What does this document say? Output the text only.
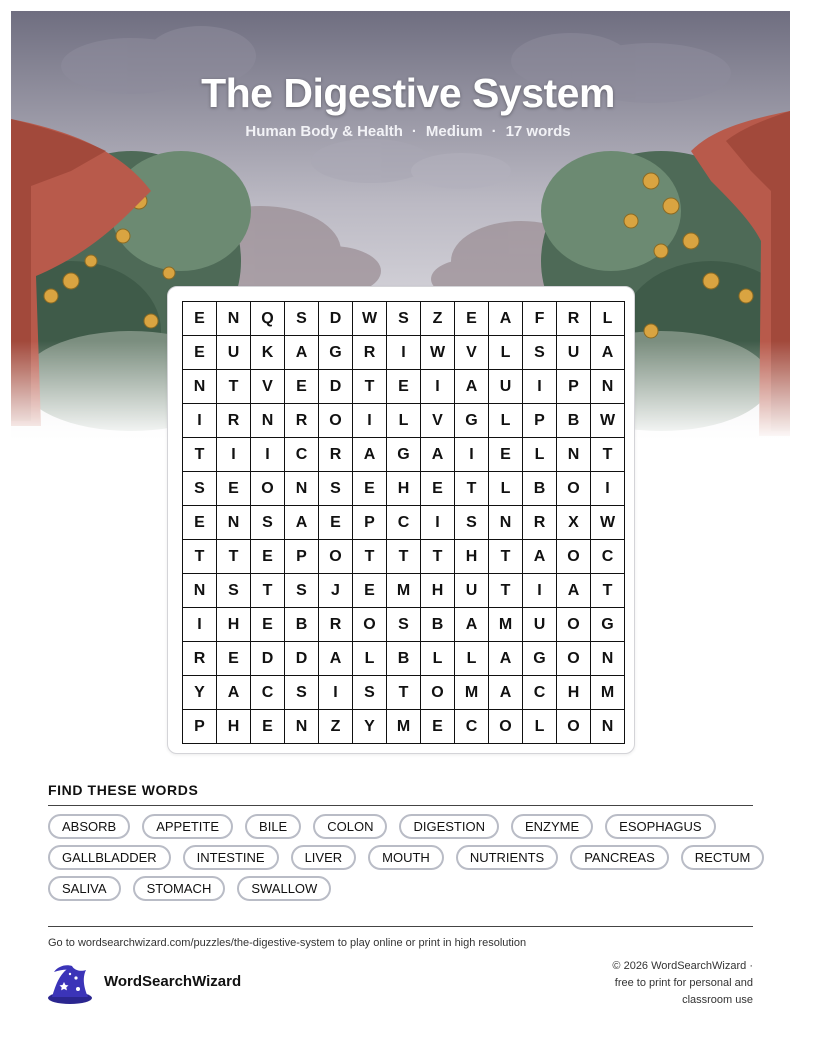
The Digestive System
Human Body & Health · Medium · 17 words
E	N	Q	S	D	W	S	Z	E	A	F	R	L
E	U	K	A	G	R	I	W	V	L	S	U	A
N	T	V	E	D	T	E	I	A	U	I	P	N
I	R	N	R	O	I	L	V	G	L	P	B	W
T	I	I	C	R	A	G	A	I	E	L	N	T
S	E	O	N	S	E	H	E	T	L	B	O	I
E	N	S	A	E	P	C	I	S	N	R	X	W
T	T	E	P	O	T	T	T	H	T	A	O	C
N	S	T	S	J	E	M	H	U	T	I	A	T
I	H	E	B	R	O	S	B	A	M	U	O	G
R	E	D	D	A	L	B	L	L	A	G	O	N
Y	A	C	S	I	S	T	O	M	A	C	H	M
P	H	E	N	Z	Y	M	E	C	O	L	O	N
FIND THESE WORDS
ABSORB	APPETITE	BILE	COLON	DIGESTION	ENZYME	ESOPHAGUS
GALLBLADDER	INTESTINE	LIVER	MOUTH	NUTRIENTS	PANCREAS	RECTUM
SALIVA	STOMACH	SWALLOW
Go to wordsearchwizard.com/puzzles/the-digestive-system to play online or print in high resolution
WordSearchWizard
© 2026 WordSearchWizard ·
free to print for personal and
classroom use
